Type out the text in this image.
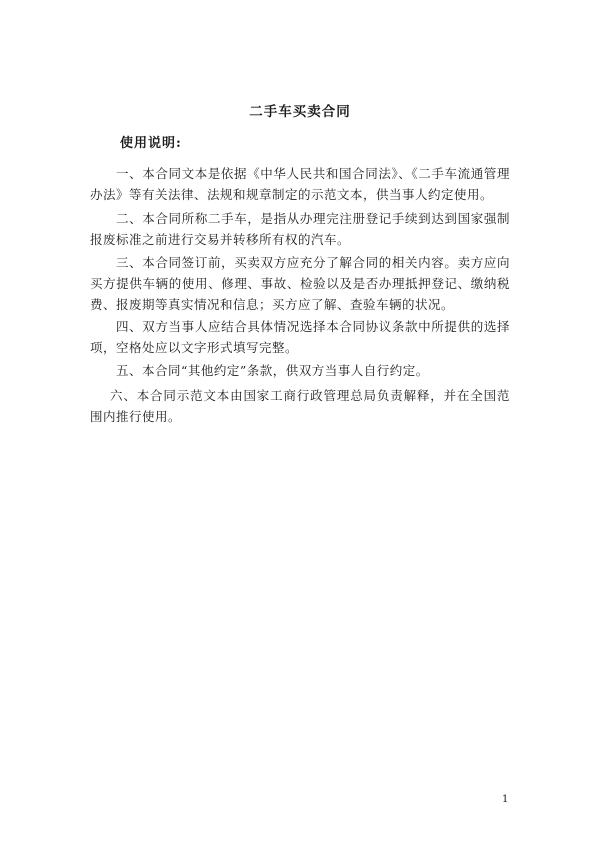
二手车买卖合同
使用说明:
一、本合同文本是依据《中华人民共和国合同法》、《二手车流通管理办法》等有关法律、法规和规章制定的示范文本，供当事人约定使用。
二、本合同所称二手车，是指从办理完注册登记手续到达到国家强制报废标准之前进行交易并转移所有权的汽车。
三、本合同签订前，买卖双方应充分了解合同的相关内容。卖方应向买方提供车辆的使用、修理、事故、检验以及是否办理抵押登记、缴纳税费、报废期等真实情况和信息；买方应了解、查验车辆的状况。
四、双方当事人应结合具体情况选择本合同协议条款中所提供的选择项，空格处应以文字形式填写完整。
五、本合同“其他约定”条款，供双方当事人自行约定。
六、本合同示范文本由国家工商行政管理总局负责解释，并在全国范围内推行使用。
1
